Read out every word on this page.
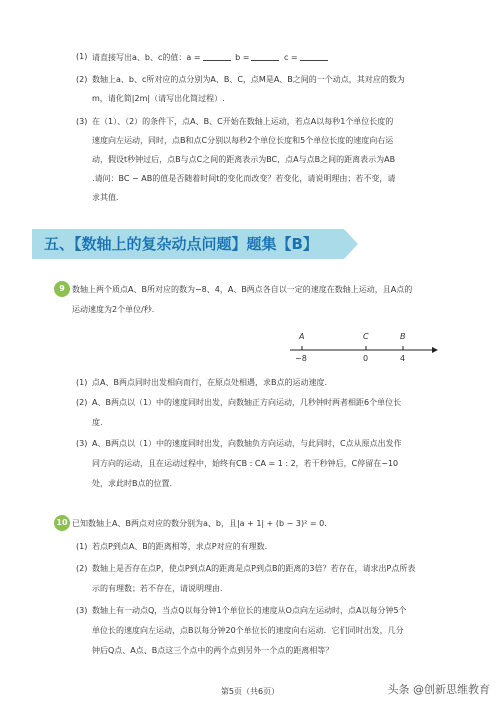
(1) 请直接写出a、b、c的值：a =	b =	c =
(2) 数轴上a、b、c所对应的点分别为A、B、C，点M是A、B之间的一个动点，其对应的数为
m，请化简|2m|（请写出化简过程）.
(3) 在（1）、（2）的条件下，点A、B、C开始在数轴上运动，若点A以每秒1个单位长度的
速度向左运动，同时，点B和点C分别以每秒2个单位长度和5个单位长度的速度向右运
动，假设t秒钟过后，点B与点C之间的距离表示为BC，点A与点B之间的距离表示为AB
.请问：BC − AB的值是否随着时间t的变化而改变？若变化，请说明理由；若不变，请
求其值.
五、【数轴上的复杂动点问题】题集【B】
9 数轴上两个质点A、B所对应的数为−8、4，A、B两点各自以一定的速度在数轴上运动，且A点的
运动速度为2个单位/秒.
A	C	B
−8	0	4
(1) 点A、B两点同时出发相向而行，在原点处相遇，求B点的运动速度.
(2) A、B两点以（1）中的速度同时出发，向数轴正方向运动，几秒钟时两者相距6个单位长
度.
(3) A、B两点以（1）中的速度同时出发，向数轴负方向运动，与此同时，C点从原点出发作
同方向的运动，且在运动过程中，始终有CB : CA = 1 : 2，若干秒钟后，C停留在−10
处，求此时B点的位置.
10 已知数轴上A、B两点对应的数分别为a、b，且|a + 1| + (b − 3)² = 0.
(1) 若点P到点A、B的距离相等，求点P对应的有理数.
(2) 数轴上是否存在点P，使点P到点A的距离是点P到点B的距离的3倍？若存在，请求出P点所表
示的有理数；若不存在，请说明理由.
(3) 数轴上有一动点Q，当点Q以每分钟1个单位长的速度从O点向左运动时，点A以每分钟5个
单位长的速度向左运动，点B以每分钟20个单位长的速度向右运动．它们同时出发，几分
钟后Q点、A点、B点这三个点中的两个点到另外一个点的距离相等？
第5页（共6页）	头条 @创新思维教育
